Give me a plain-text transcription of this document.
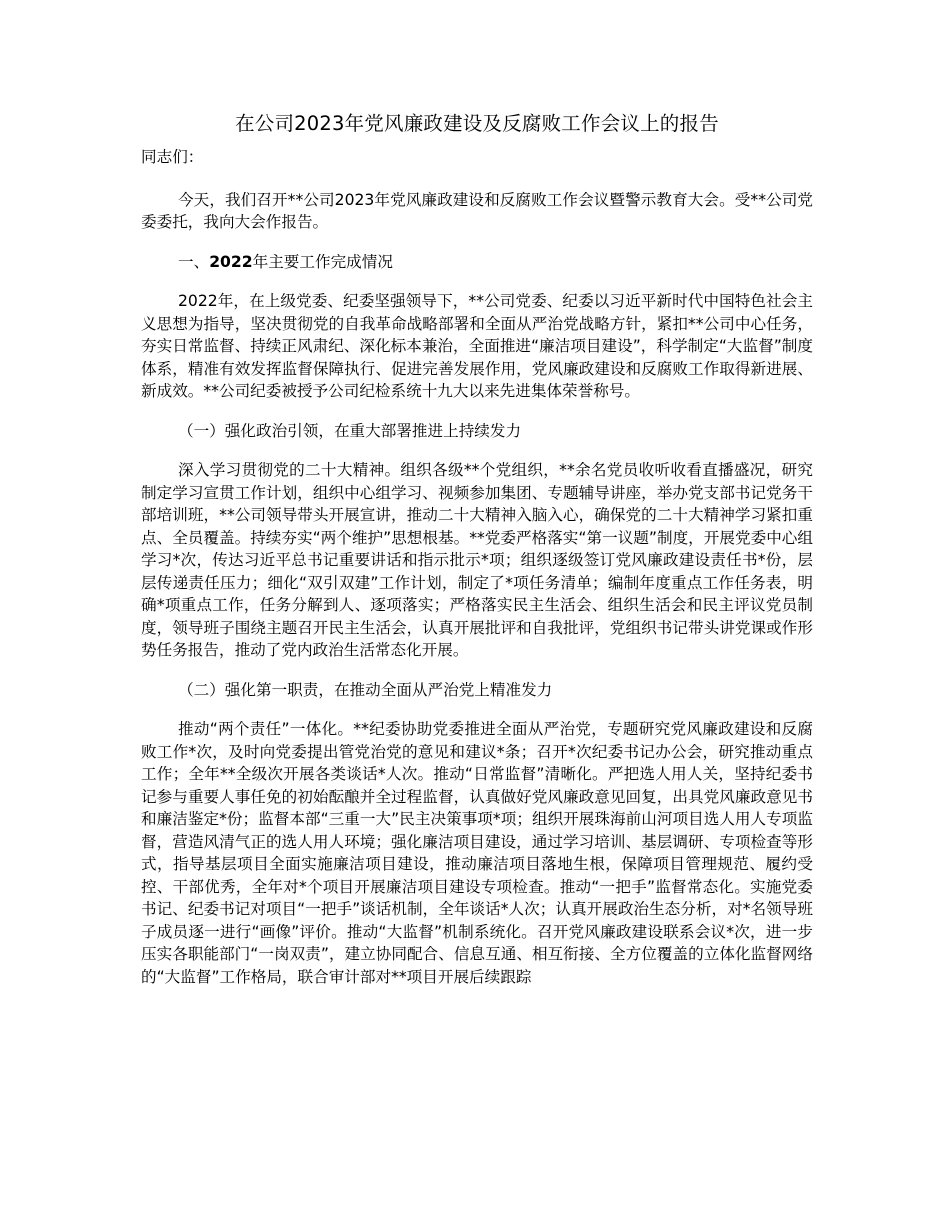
在公司2023年党风廉政建设及反腐败工作会议上的报告

同志们：

今天，我们召开**公司2023年党风廉政建设和反腐败工作会议暨警示教育大会。受**公司党委委托，我向大会作报告。

一、2022年主要工作完成情况

2022年，在上级党委、纪委坚强领导下，**公司党委、纪委以习近平新时代中国特色社会主义思想为指导，坚决贯彻党的自我革命战略部署和全面从严治党战略方针，紧扣**公司中心任务，夯实日常监督、持续正风肃纪、深化标本兼治，全面推进“廉洁项目建设”，科学制定“大监督”制度体系，精准有效发挥监督保障执行、促进完善发展作用，党风廉政建设和反腐败工作取得新进展、新成效。**公司纪委被授予公司纪检系统十九大以来先进集体荣誉称号。

（一）强化政治引领，在重大部署推进上持续发力

深入学习贯彻党的二十大精神。组织各级**个党组织，**余名党员收听收看直播盛况，研究制定学习宣贯工作计划，组织中心组学习、视频参加集团、专题辅导讲座，举办党支部书记党务干部培训班，**公司领导带头开展宣讲，推动二十大精神入脑入心，确保党的二十大精神学习紧扣重点、全员覆盖。持续夯实“两个维护”思想根基。**党委严格落实“第一议题”制度，开展党委中心组学习*次，传达习近平总书记重要讲话和指示批示*项；组织逐级签订党风廉政建设责任书*份，层层传递责任压力；细化“双引双建”工作计划，制定了*项任务清单；编制年度重点工作任务表，明确*项重点工作，任务分解到人、逐项落实；严格落实民主生活会、组织生活会和民主评议党员制度，领导班子围绕主题召开民主生活会，认真开展批评和自我批评，党组织书记带头讲党课或作形势任务报告，推动了党内政治生活常态化开展。

（二）强化第一职责，在推动全面从严治党上精准发力

推动“两个责任”一体化。**纪委协助党委推进全面从严治党，专题研究党风廉政建设和反腐败工作*次，及时向党委提出管党治党的意见和建议*条；召开*次纪委书记办公会，研究推动重点工作；全年**全级次开展各类谈话*人次。推动“日常监督”清晰化。严把选人用人关，坚持纪委书记参与重要人事任免的初始酝酿并全过程监督，认真做好党风廉政意见回复，出具党风廉政意见书和廉洁鉴定*份；监督本部“三重一大”民主决策事项*项；组织开展珠海前山河项目选人用人专项监督，营造风清气正的选人用人环境；强化廉洁项目建设，通过学习培训、基层调研、专项检查等形式，指导基层项目全面实施廉洁项目建设，推动廉洁项目落地生根，保障项目管理规范、履约受控、干部优秀，全年对*个项目开展廉洁项目建设专项检查。推动“一把手”监督常态化。实施党委书记、纪委书记对项目“一把手”谈话机制，全年谈话*人次；认真开展政治生态分析，对*名领导班子成员逐一进行“画像”评价。推动“大监督”机制系统化。召开党风廉政建设联系会议*次，进一步压实各职能部门“一岗双责”，建立协同配合、信息互通、相互衔接、全方位覆盖的立体化监督网络的“大监督”工作格局，联合审计部对**项目开展后续跟踪
